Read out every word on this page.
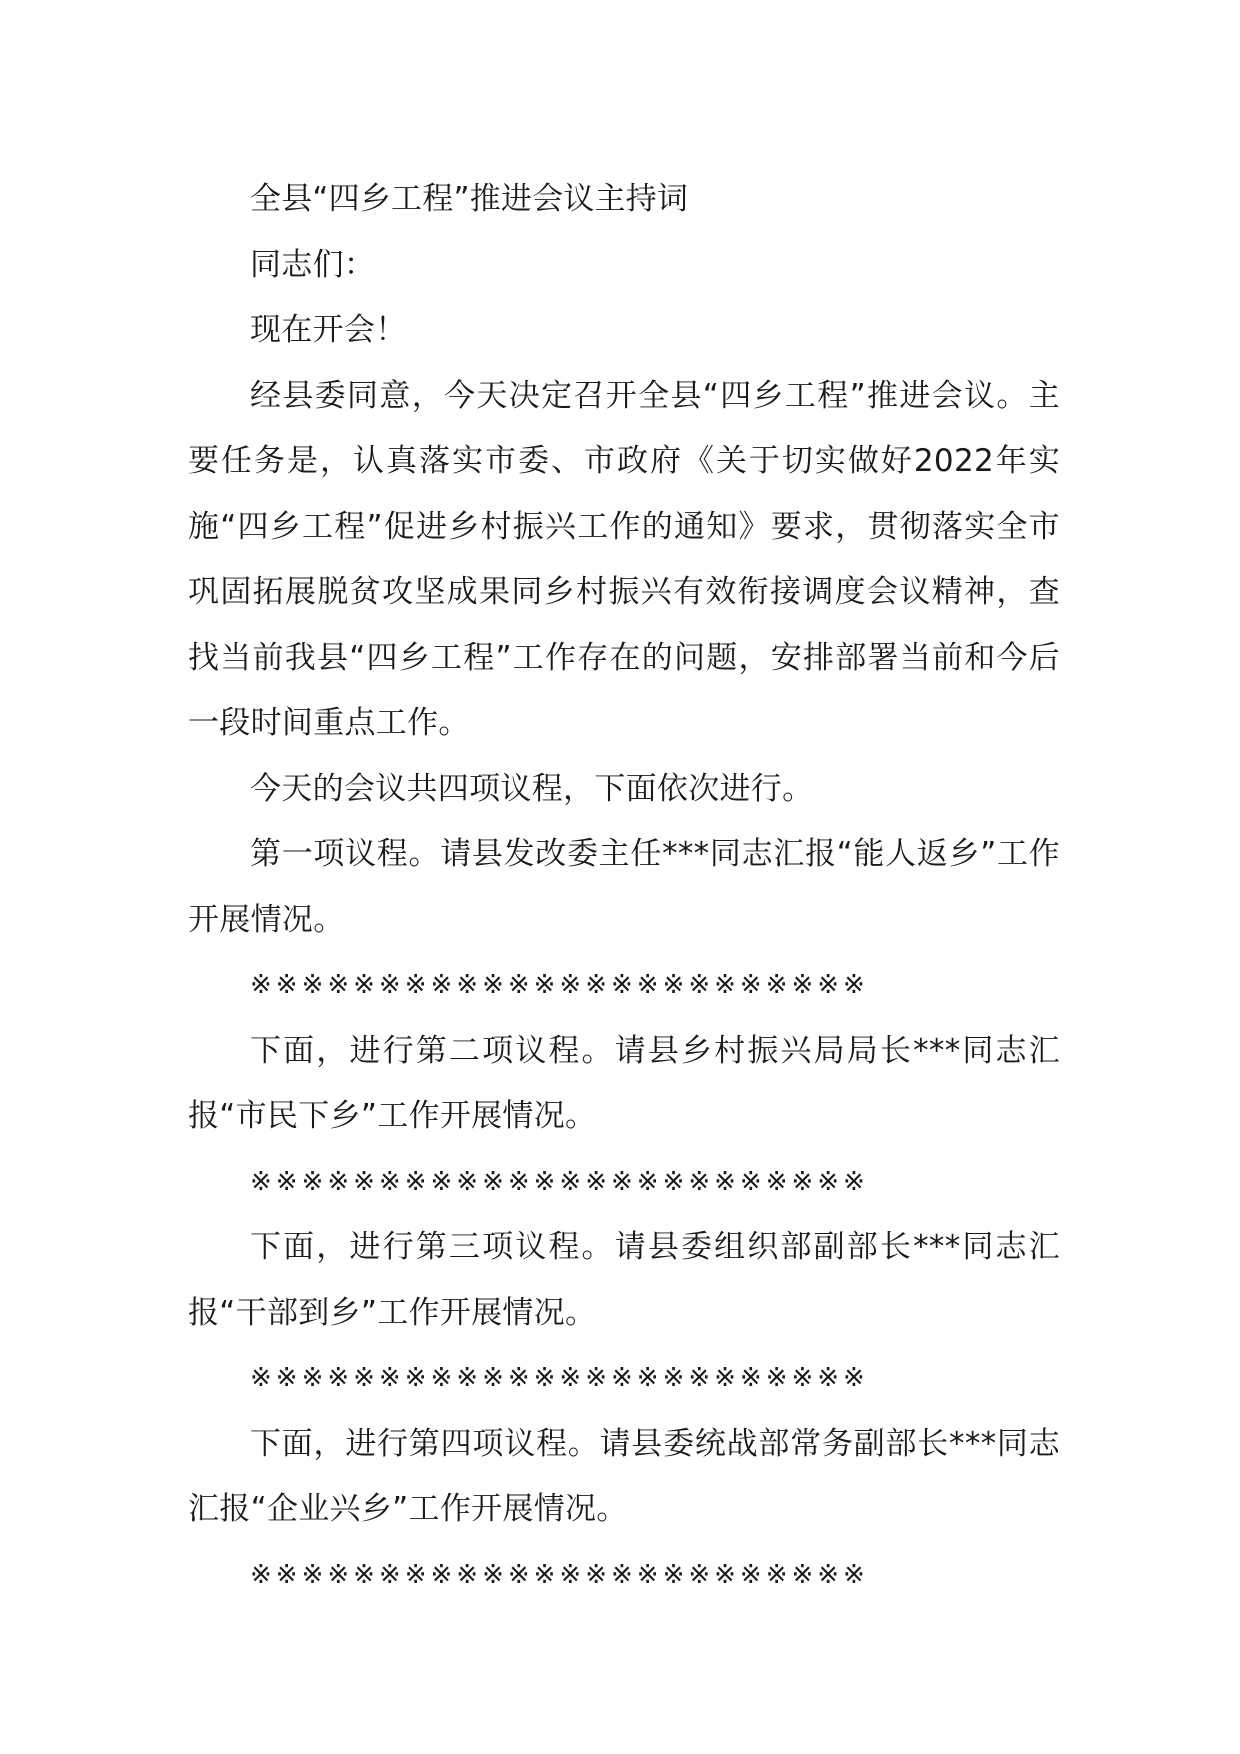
全县“四乡工程”推进会议主持词

同志们：

现在开会！

经县委同意，今天决定召开全县“四乡工程”推进会议。主要任务是，认真落实市委、市政府《关于切实做好2022年实施“四乡工程”促进乡村振兴工作的通知》要求，贯彻落实全市巩固拓展脱贫攻坚成果同乡村振兴有效衔接调度会议精神，查找当前我县“四乡工程”工作存在的问题，安排部署当前和今后一段时间重点工作。

今天的会议共四项议程，下面依次进行。

第一项议程。请县发改委主任***同志汇报“能人返乡”工作开展情况。

※※※※※※※※※※※※※※※※※※※※※※※※

下面，进行第二项议程。请县乡村振兴局局长***同志汇报“市民下乡”工作开展情况。

※※※※※※※※※※※※※※※※※※※※※※※※

下面，进行第三项议程。请县委组织部副部长***同志汇报“干部到乡”工作开展情况。

※※※※※※※※※※※※※※※※※※※※※※※※

下面，进行第四项议程。请县委统战部常务副部长***同志汇报“企业兴乡”工作开展情况。

※※※※※※※※※※※※※※※※※※※※※※※※
